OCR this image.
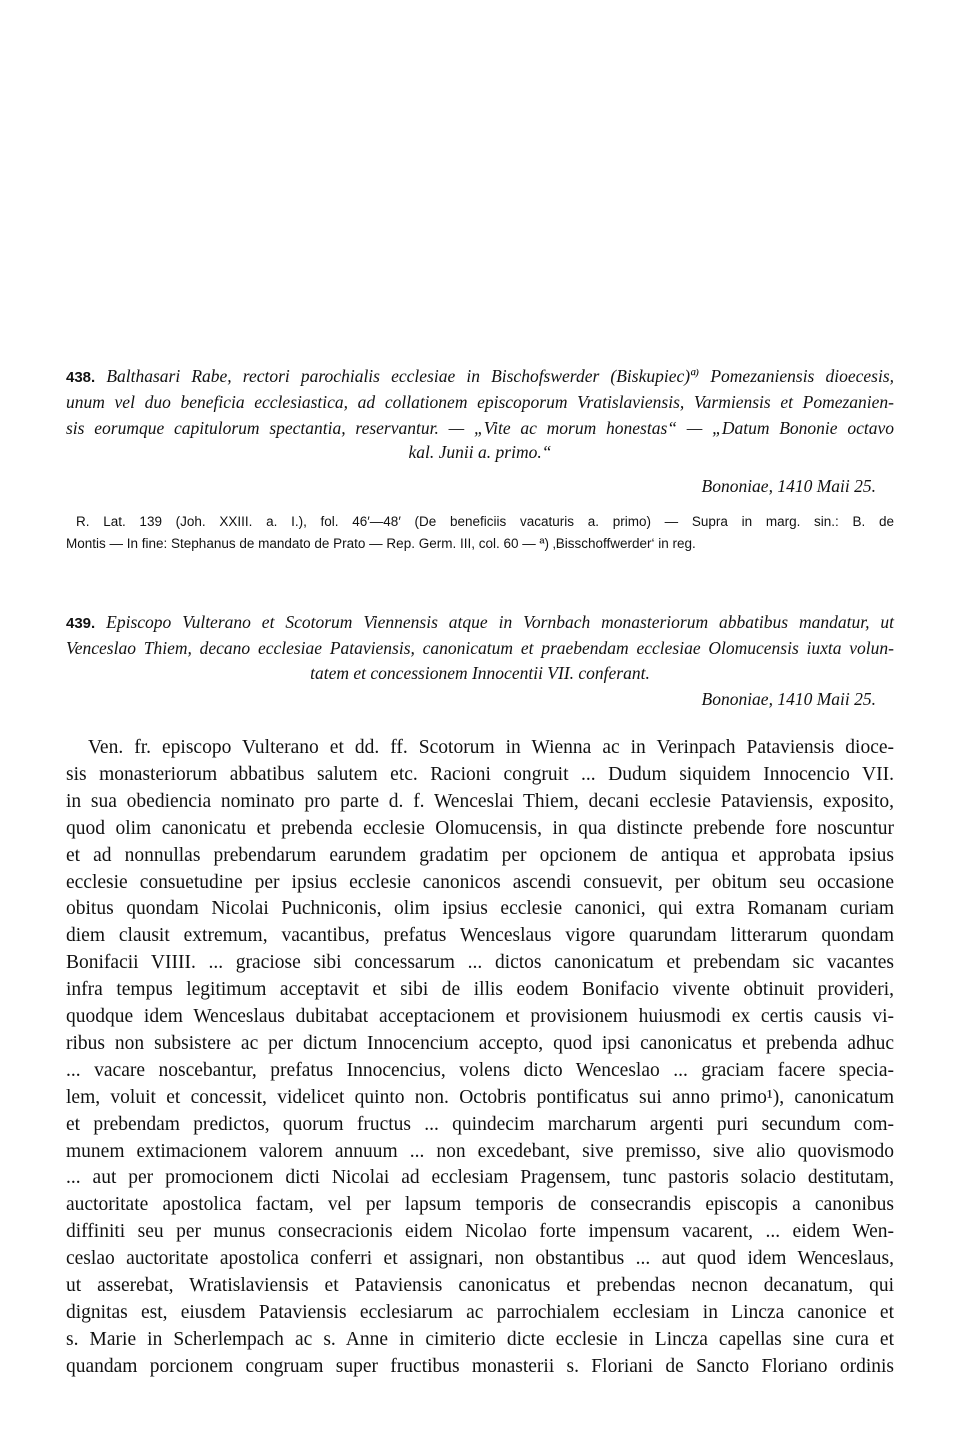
438. Balthasari Rabe, rectori parochialis ecclesiae in Bischofswerder (Biskupiec)ª⁾ Pomezaniensis dioecesis,
unum vel duo beneficia ecclesiastica, ad collationem episcoporum Vratislaviensis, Varmiensis et Pomezanien-
sis eorumque capitulorum spectantia, reservantur. — „Vite ac morum honestas“ — „Datum Bononie octavo
kal. Junii a. primo.“
Bononiae, 1410 Maii 25.
R. Lat. 139 (Joh. XXIII. a. I.), fol. 46′—48′ (De beneficiis vacaturis a. primo) — Supra in marg. sin.: B. de
Montis — In fine: Stephanus de mandato de Prato — Rep. Germ. III, col. 60 — ª) ‚Bisschoffwerder‘ in reg.
439. Episcopo Vulterano et Scotorum Viennensis atque in Vornbach monasteriorum abbatibus mandatur, ut
Venceslao Thiem, decano ecclesiae Pataviensis, canonicatum et praebendam ecclesiae Olomucensis iuxta volun-
tatem et concessionem Innocentii VII. conferant.
Bononiae, 1410 Maii 25.
Ven. fr. episcopo Vulterano et dd. ff. Scotorum in Wienna ac in Verinpach Pataviensis dioce-
sis monasteriorum abbatibus salutem etc. Racioni congruit ... Dudum siquidem Innocencio VII.
in sua obediencia nominato pro parte d. f. Wenceslai Thiem, decani ecclesie Pataviensis, exposito,
quod olim canonicatu et prebenda ecclesie Olomucensis, in qua distincte prebende fore noscuntur
et ad nonnullas prebendarum earundem gradatim per opcionem de antiqua et approbata ipsius
ecclesie consuetudine per ipsius ecclesie canonicos ascendi consuevit, per obitum seu occasione
obitus quondam Nicolai Puchniconis, olim ipsius ecclesie canonici, qui extra Romanam curiam
diem clausit extremum, vacantibus, prefatus Wenceslaus vigore quarundam litterarum quondam
Bonifacii VIIII. ... graciose sibi concessarum ... dictos canonicatum et prebendam sic vacantes
infra tempus legitimum acceptavit et sibi de illis eodem Bonifacio vivente obtinuit provideri,
quodque idem Wenceslaus dubitabat acceptacionem et provisionem huiusmodi ex certis causis vi-
ribus non subsistere ac per dictum Innocencium accepto, quod ipsi canonicatus et prebenda adhuc
... vacare noscebantur, prefatus Innocencius, volens dicto Wenceslao ... graciam facere speciа-
lem, voluit et concessit, videlicet quinto non. Octobris pontificatus sui anno primo¹), canonicatum
et prebendam predictos, quorum fructus ... quindecim marcharum argenti puri secundum com-
munem extimacionem valorem annuum ... non excedebant, sive premisso, sive alio quovismodo
... aut per promocionem dicti Nicolai ad ecclesiam Pragensem, tunc pastoris solacio destitutam,
auctoritate apostolica factam, vel per lapsum temporis de consecrandis episcopis a canonibus
diffiniti seu per munus consecracionis eidem Nicolao forte impensum vacarent, ... eidem Wen-
ceslao auctoritate apostolica conferri et assignari, non obstantibus ... aut quod idem Wenceslaus,
ut asserebat, Wratislaviensis et Pataviensis canonicatus et prebendas necnon decanatum, qui
dignitas est, eiusdem Pataviensis ecclesiarum ac parrochialem ecclesiam in Lincza canonice et
s. Marie in Scherlempach ac s. Anne in cimiterio dicte ecclesie in Lincza capellas sine cura et
quandam porcionem congruam super fructibus monasterii s. Floriani de Sancto Floriano ordinis
